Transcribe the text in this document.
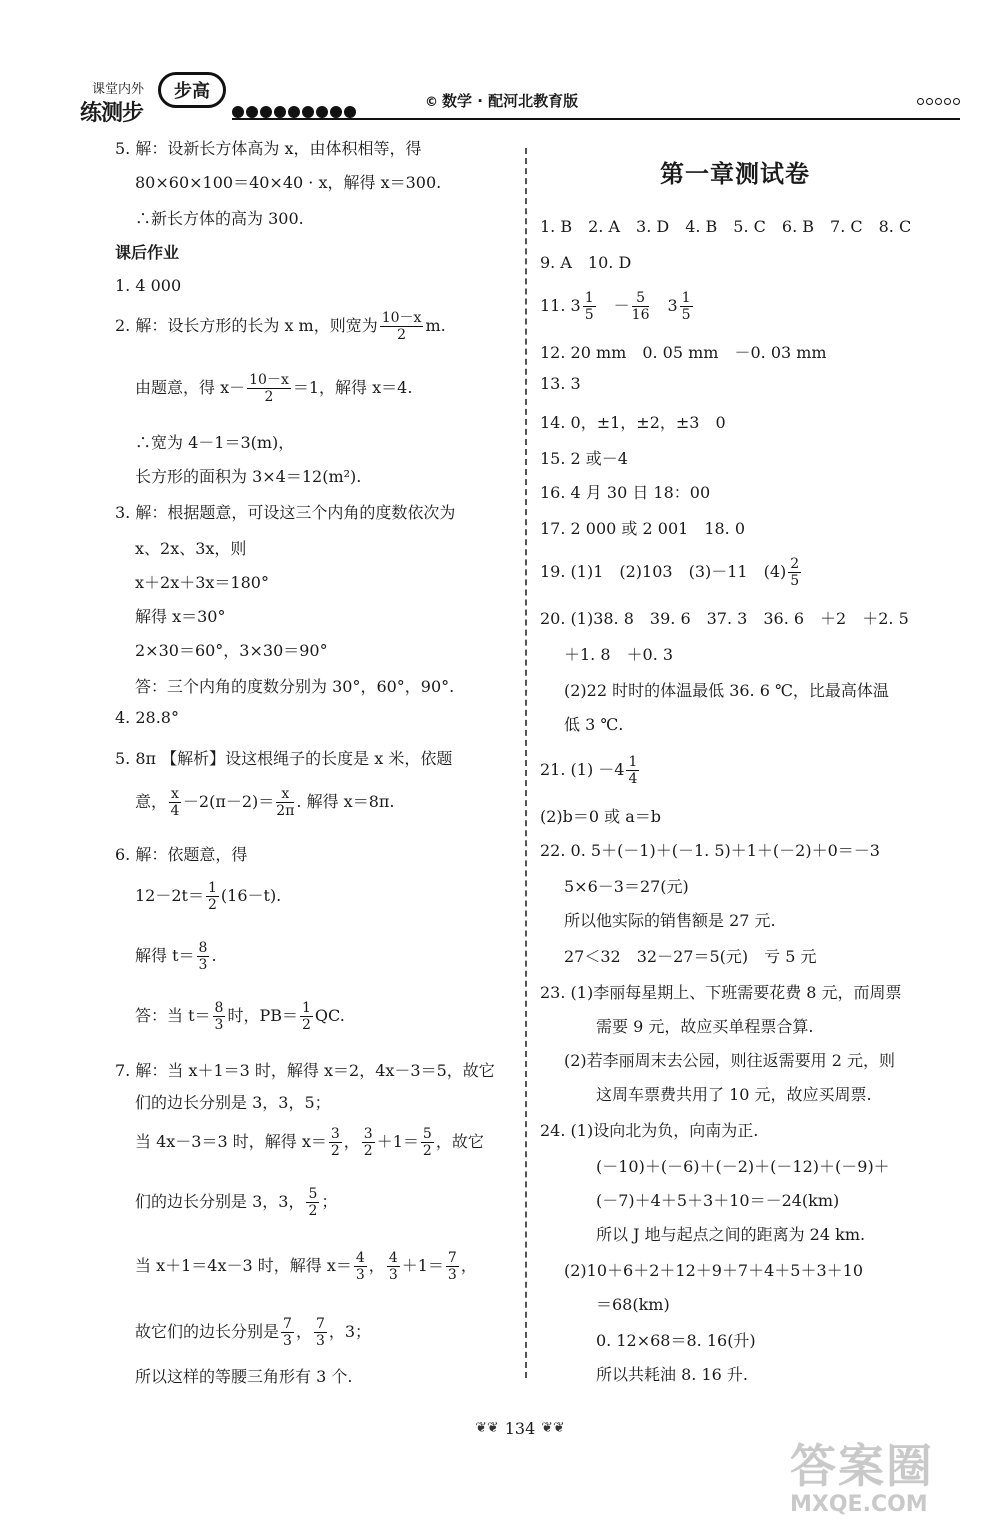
课堂内外
练测步
步高
© 数学 · 配河北教育版
5. 解：设新长方体高为 x，由体积相等，得
80×60×100＝40×40 · x，解得 x＝300.
∴新长方体的高为 300.
课后作业
1. 4 000
2. 解：设长方形的长为 x m，则宽为 $\frac{10-x}{2} m$.
由题意，得 $x- \frac{10-x}{2} =1$，解得 x＝4.
∴宽为 4－1＝3(m)，
长方形的面积为 3×4＝12(m²).
3. 解：根据题意，可设这三个内角的度数依次为
x、2x、3x，则
x＋2x＋3x＝180°
解得 x＝30°
2×30＝60°，3×30＝90°
答：三个内角的度数分别为 30°，60°，90°.
4. 28.8°
5. 8π 【解析】设这根绳子的长度是 x 米，依题
意， $\frac{x}{4} -2(\pi-2)= \frac{x}{2\pi}$ . 解得 x＝8π.
6. 解：依题意，得
$12-2t= \frac{1}{2} (16-t)$.
解得 $t= \frac{8}{3}$ .
答：当 $t= \frac{8}{3}$ 时，$PB= \frac{1}{2}$ QC.
7. 解：当 x＋1＝3 时，解得 x＝2，4x－3＝5，故它
们的边长分别是 3，3，5；
当 4x－3＝3 时，解得 $x= \frac{3}{2}$ ， $\frac{3}{2} +1= \frac{5}{2}$ ，故它
们的边长分别是 3，3， $\frac{5}{2}$ ；
当 x＋1＝4x－3 时，解得 $x= \frac{4}{3}$ ， $\frac{4}{3} +1= \frac{7}{3}$ ，
故它们的边长分别是 $\frac{7}{3}$ ， $\frac{7}{3}$ ，3；
所以这样的等腰三角形有 3 个.
第一章测试卷
1. B　2. A　3. D　4. B　5. C　6. B　7. C　8. C
9. A　10. D
11. $3 \frac{1}{5}$ 　－ $\frac{5}{16}$ 　$3 \frac{1}{5}$
12. 20 mm　0. 05 mm　－0. 03 mm
13. 3
14. 0，±1，±2，±3　0
15. 2 或－4
16. 4 月 30 日 18：00
17. 2 000 或 2 001　18. 0
19. (1)1　(2)103　(3)－11　$(4) \frac{2}{5}$
20. (1)38. 8　39. 6　37. 3　36. 6　＋2　＋2. 5
＋1. 8　＋0. 3
(2)22 时时的体温最低 36. 6 ℃，比最高体温
低 3 ℃.
21. $(1) -4 \frac{1}{4}$
(2)b＝0 或 a＝b
22. 0. 5＋(－1)＋(－1. 5)＋1＋(－2)＋0＝－3
5×6－3＝27(元)
所以他实际的销售额是 27 元.
27＜32　32－27＝5(元)　亏 5 元
23. (1)李丽每星期上、下班需要花费 8 元，而周票
需要 9 元，故应买单程票合算.
(2)若李丽周末去公园，则往返需要用 2 元，则
这周车票费共用了 10 元，故应买周票.
24. (1)设向北为负，向南为正.
(－10)＋(－6)＋(－2)＋(－12)＋(－9)＋
(－7)＋4＋5＋3＋10＝－24(km)
所以 J 地与起点之间的距离为 24 km.
(2)10＋6＋2＋12＋9＋7＋4＋5＋3＋10
＝68(km)
0. 12×68＝8. 16(升)
所以共耗油 8. 16 升.
❦❦ 134 ❦❦
答案圈
MXQE.COM
